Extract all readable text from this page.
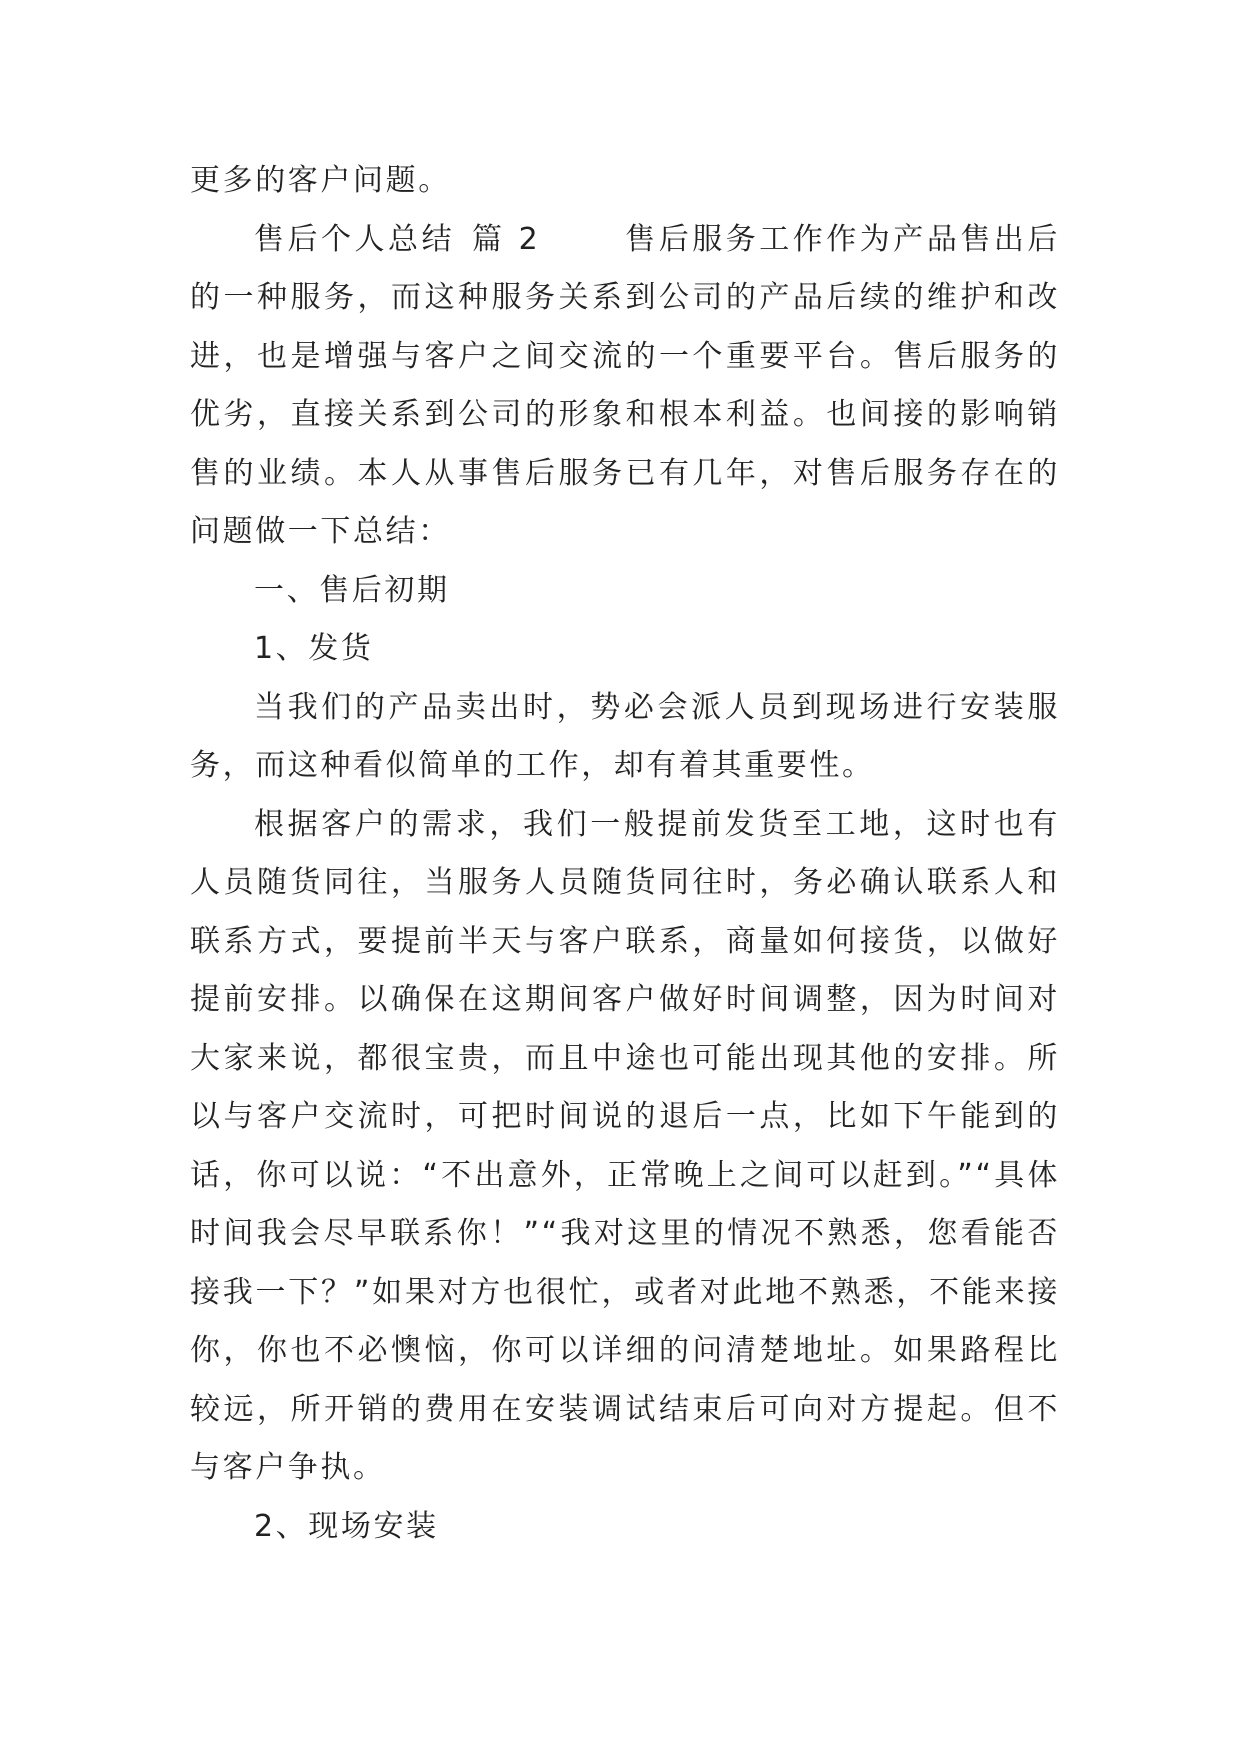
更多的客户问题。

售后个人总结 篇 2	售后服务工作作为产品售出后的一种服务，而这种服务关系到公司的产品后续的维护和改进，也是增强与客户之间交流的一个重要平台。售后服务的优劣，直接关系到公司的形象和根本利益。也间接的影响销售的业绩。本人从事售后服务已有几年，对售后服务存在的问题做一下总结：

一、售后初期

1、发货

当我们的产品卖出时，势必会派人员到现场进行安装服务，而这种看似简单的工作，却有着其重要性。

根据客户的需求，我们一般提前发货至工地，这时也有人员随货同往，当服务人员随货同往时，务必确认联系人和联系方式，要提前半天与客户联系，商量如何接货，以做好提前安排。以确保在这期间客户做好时间调整，因为时间对大家来说，都很宝贵，而且中途也可能出现其他的安排。所以与客户交流时，可把时间说的退后一点，比如下午能到的话，你可以说：“不出意外，正常晚上之间可以赶到。”“具体时间我会尽早联系你！”“我对这里的情况不熟悉，您看能否接我一下？”如果对方也很忙，或者对此地不熟悉，不能来接你，你也不必懊恼，你可以详细的问清楚地址。如果路程比较远，所开销的费用在安装调试结束后可向对方提起。但不与客户争执。

2、现场安装
